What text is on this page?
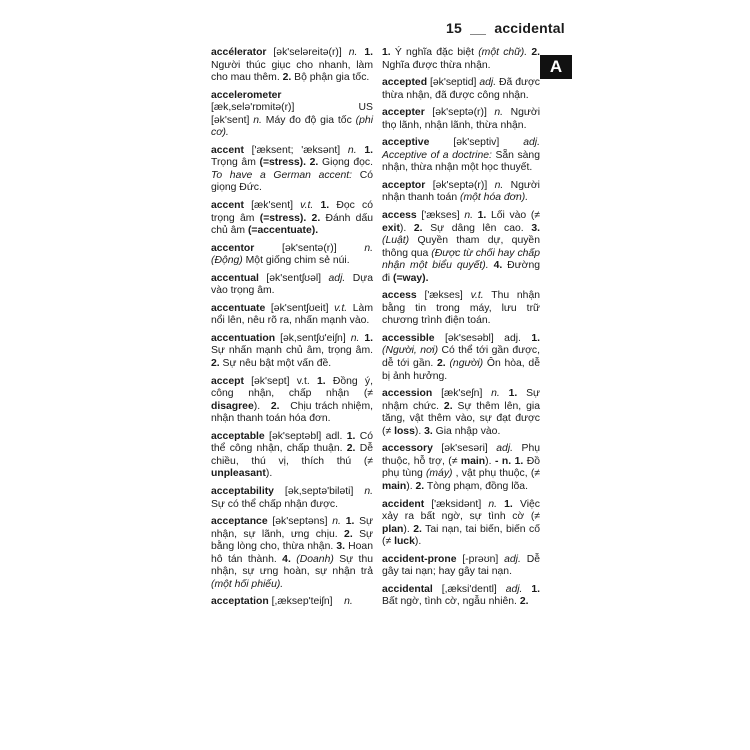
15  __  accidental
A
accélerator [ək'seləreitə(r)] n. 1. Người thúc giục cho nhanh, làm cho mau thêm. 2. Bộ phận gia tốc.
accelerometer
[æk,selə'rɒmitə(r)]          US [ək'sent] n. Máy đo độ gia tốc (phi cơ).
accent ['æksent; 'æksənt] n. 1. Trọng âm (=stress). 2. Giọng đọc. To have a German accent: Có giọng Đức.
accent [æk'sent] v.t. 1. Đọc có trọng âm (=stress). 2. Đánh dấu chủ âm (=accentuate).
accentor     [ək'sentə(r)]     n. (Động) Một giống chim sẻ núi.
accentual [ək'sentʃʊəl] adj. Dựa vào trọng âm.
accentuate [ək'sentʃʊeit] v.t. Làm nổi lên, nêu rõ ra, nhấn mạnh vào.
accentuation [ək,sentʃʊ'eiʃn] n. 1. Sự nhấn mạnh chủ âm, trọng âm. 2. Sự nêu bật một vấn đề.
accept [ək'sept] v.t. 1. Đồng ý, công nhận, chấp nhận (≠ disagree).   2.   Chịu trách nhiệm, nhận thanh toán hóa đơn.
acceptable [ək'septəbl] adl. 1. Có thể công nhận, chấp thuận. 2. Dễ chiều, thú vị, thích thú (≠ unpleasant).
acceptability [ək,septə'biləti] n. Sự có thể chấp nhận được.
acceptance [ək'septəns] n. 1. Sự nhận, sự lãnh, ưng chịu. 2. Sự bằng lòng cho, thừa nhận. 3. Hoan hô tán thành. 4. (Doanh) Sự thu nhận, sự ưng hoàn, sự nhận trả (một hối phiếu).
acceptation [,æksep'teiʃn]    n.
1. Ý nghĩa đặc biệt (một chữ). 2. Nghĩa được thừa nhận.
accepted [ək'septid] adj. Đã được thừa nhận, đã được công nhận.
accepter [ək'septə(r)] n. Người thọ lãnh, nhận lãnh, thừa nhận.
acceptive   [ək'septiv]   adj. Acceptive of a doctrine: Sẵn sàng nhận, thừa nhận một học thuyết.
acceptor [ək'septə(r)] n. Người nhận thanh toán (một hóa đơn).
access ['ækses] n. 1. Lối vào (≠ exit). 2. Sự dâng lên cao. 3. (Luật) Quyền tham dự, quyền thông qua (Được từ chối hay chấp nhận một biểu quyết). 4. Đường đi (=way).
access ['ækses] v.t. Thu nhận bằng tin trong máy, lưu trữ chương trình điện toán.
accessible [ək'sesəbl] adj. 1. (Người, nơi) Có thể tới gần được, dễ tới gần. 2. (người) Ôn hòa, dễ bị ảnh hưởng.
accession [æk'seʃn] n. 1. Sự nhậm chức. 2. Sự thêm lên, gia tăng, vật thêm vào, sự đạt được (≠ loss). 3. Gia nhập vào.
accessory [ək'sesəri] adj. Phụ thuộc, hỗ trợ, (≠ main). - n. 1. Đồ phụ tùng (máy) , vật phụ thuộc, (≠ main). 2. Tòng phạm, đồng lõa.
accident ['æksidənt] n. 1. Việc xảy ra bất ngờ, sự tình cờ (≠ plan). 2. Tai nạn, tai biến, biến cố (≠ luck).
accident-prone [-prəʊn] adj. Dễ gây tai nạn; hay gây tai nạn.
accidental [,æksi'dentl] adj. 1. Bất ngờ, tình cờ, ngẫu nhiên. 2.
